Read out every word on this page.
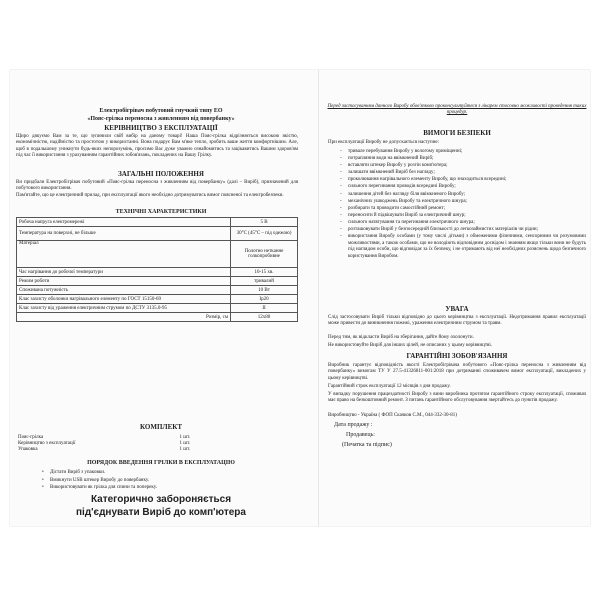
Електробігрівач побутовий гнучкий типу ЕО
«Пояс-грілка переносна з живленням від повербанку»
КЕРІВНИЦТВО З ЕКСПЛУАТАЦІЇ
Щиро дякуємо Вам за те, що зупинили свій вибір на даному товарі! Наша Пояс-грілка відрізняється високою якістю, економічністю, надійністю та простотою у використанні. Вона подарує Вам м'яке тепло, зробить ваше життя комфортнішим. Але, щоб в подальшому уникнути будь-яких непорозумінь, просимо Вас дуже уважно ознайомитись та зацікавитись Вашим здоров'ям під час її використання з урахуванням гарантійних зобов'язань, покладених на Вашу Грілку.
ЗАГАЛЬНІ ПОЛОЖЕННЯ
Ви придбали Електробігрівач побутовий «Пояс-грілка переносна з живленням від повербанку» (далі – Виріб), призначений для побутового використання.
Пам'ятайте, що це електричний прилад, при експлуатації якого необхідно дотримуватись вимог поясненої та електробезпеки.
ТЕХНІЧНІ ХАРАКТЕРИСТИКИ
Робоча напруга електромережі	5 В
Температура на поверхні, не більше	30°С (45°С – під одежою)
Матеріал	Полотно нетканне голкопробивне
Час нагрівання до робочої температури	10-15 хв.
Режим роботи	тривалий
Споживана потужність	10 Вт
Клас захисту оболонки нагрівального елементу по ГОСТ 15150-69	Ip20
Клас захисту від ураження електричним струмом по ДСТУ 3135.0-95	ІІ
Розмір, см	12х80
КОМПЛЕКТ
Пояс-грілка	1 шт.
Керівництво з експлуатації	1 шт.
Упаковка	1 шт.
ПОРЯДОК ВВЕДЕННЯ ГРІЛКИ В ЕКСПЛУАТАЦІЮ
• Дістати Виріб з упаковки.
• Вмикнути USB штекер Виробу до повербанку.
• Використовувати як грілка для спини та попереку.
Категорично забороняється
під'єднувати Виріб до комп'ютера
Перед застосуванням данного Виробу обов'язково проконсультуйтеся з лікарем стосовно можливості проведення таких процедур.
ВИМОГИ БЕЗПЕКИ
При експлуатації Виробу не допускається наступне:
- тривале перебування Виробу у вологому приміщенні;
- потрапляння води на ввімкнений Виріб;
- вставляти штекер Виробу у розгін комп'ютера;
- залишати ввімкнений Виріб без нагляду;
- проколювання нагрівального елементу Виробу, що знаходиться всередині;
- сильного перегинання проводів всередині Виробу;
- залишення дітей без нагляду біля ввімкненого Виробу;
- механічних ушкоджень Виробу та електричного шнура;
- розбирати та проводити самостійний ремонт;
- переносити й підвішувати Виріб за електричний шнур;
- сильного натягування та перегинання електричного шнура;
- розташовувати Виріб у безпосередній близькості до легкозаймистих матеріалів чи рідин;
- використання Виробу особами (у тому числі дітьми) з обмеженими фізичними, сенсорними чи розумовими можливостями, а також особами, що не володіють відповідним досвідом і знанням якщо тільки вони не будуть під наглядом особи, що відповідає за їх безпеку, і не отримають від неї необхідних розяснень щодо безпечного користування Виробом.
УВАГА
Слід застосовувати Виріб тільки відповідно до цього керівництва з експлуатації. Недотримання правил експлуатації може привести до виникнення пожежі, ураження електричним струмом та травм.
Перед тим, як відкласти Виріб на зберігання, дайте йому охолонути.
Не використовуйте Виріб для інших цілей, не описаних у цьому керівництві.
ГАРАНТІЙНІ ЗОБОВ'ЯЗАННЯ
Виробник гарантує відповідність якості Електробігрівача побутового «Пояс-грілка переносна з живленням від повербанку» вимогам ТУ У 27.5-41326811-001:2018 при дотриманні споживачем вимог експлуатації, викладених у цьому керівництві.
Гарантійний строк експлуатації 12 місяців з дня продажу.
У випадку порушення працездатності Виробу з вини виробника протягом гарантійного строку експлуатації, споживач має право на безкоштовний ремонт. З питань гарантійного обслуговування звертайтесь до пунктів продажу.
Виробництво - Україна ( ФОП Скачков С.М., 044-332-30-81)
Дата продажу :
Продавець:
(Печатка та підпис)
